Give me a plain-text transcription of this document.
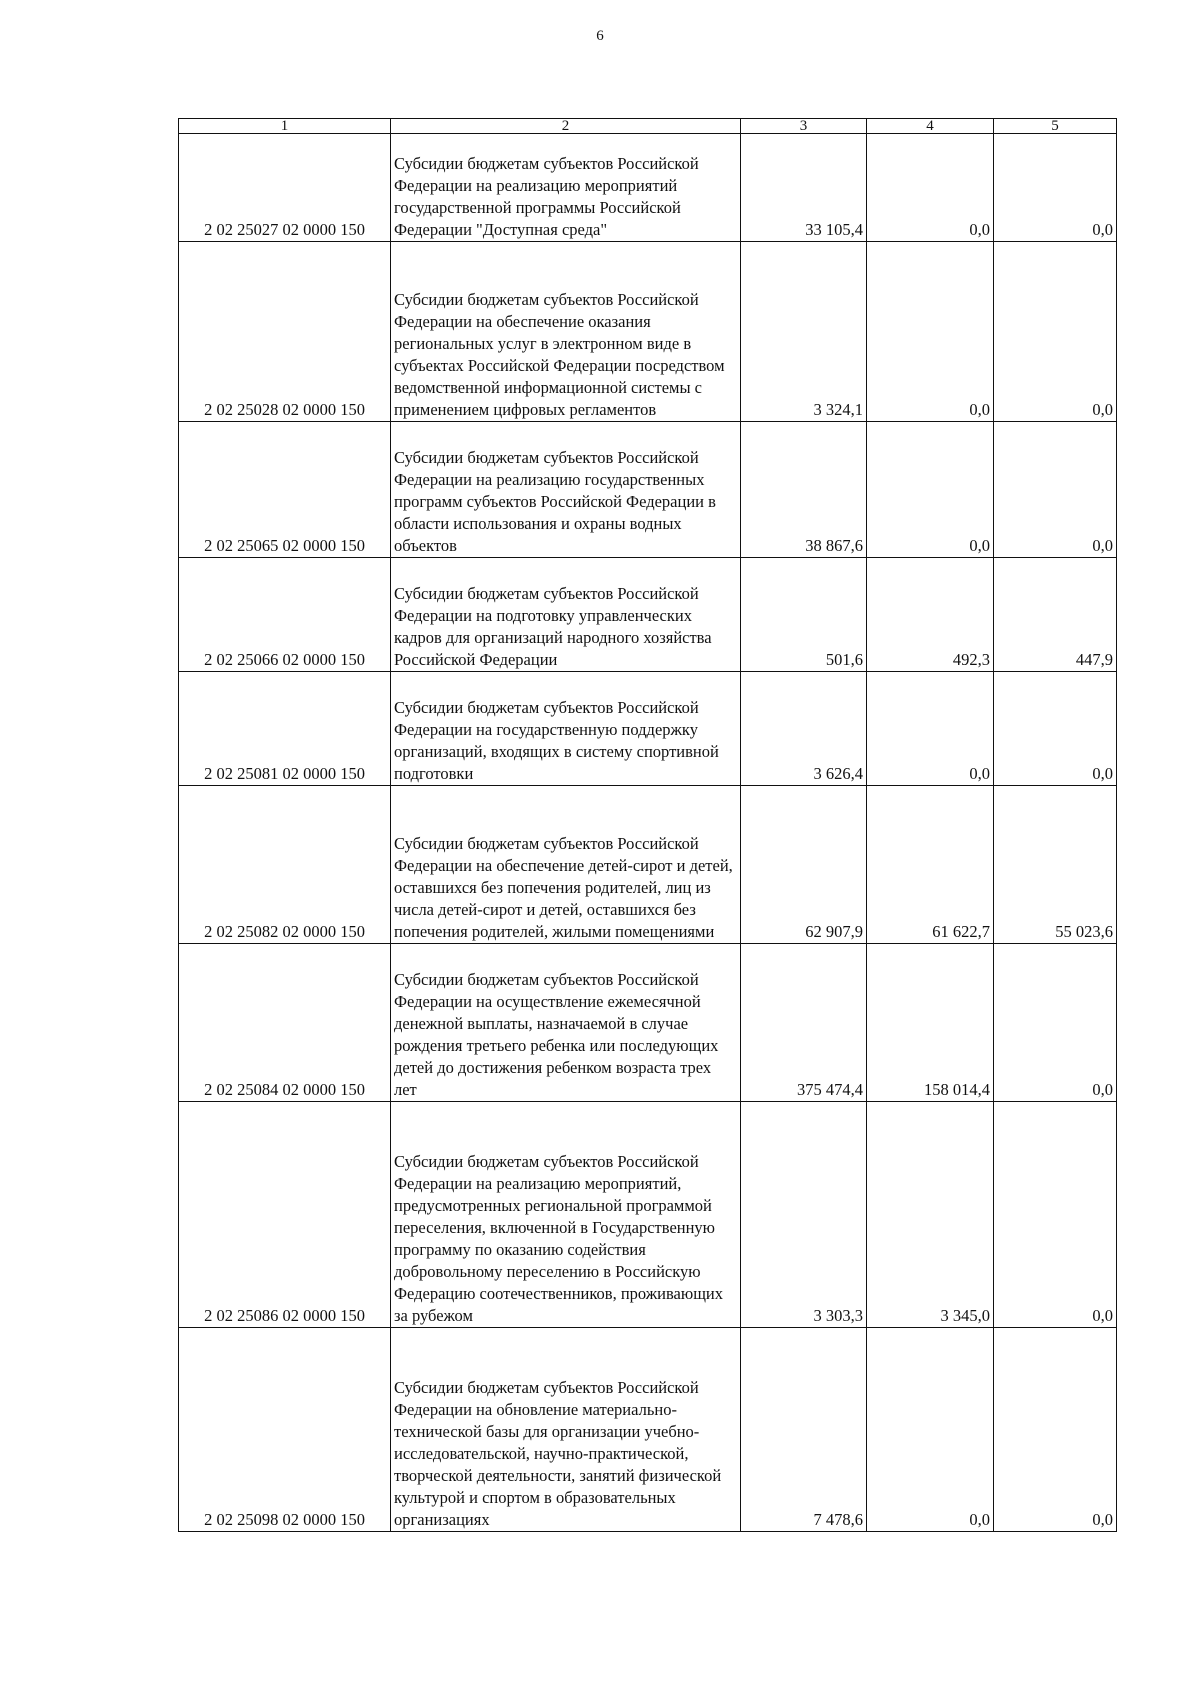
6
1	2	3	4	5
2 02 25027 02 0000 150	Субсидии бюджетам субъектов Российской Федерации на реализацию мероприятий государственной программы Российской Федерации "Доступная среда"	33 105,4	0,0	0,0
2 02 25028 02 0000 150	Субсидии бюджетам субъектов Российской Федерации на обеспечение оказания региональных услуг в электронном виде в субъектах Российской Федерации посредством ведомственной информационной системы с применением цифровых регламентов	3 324,1	0,0	0,0
2 02 25065 02 0000 150	Субсидии бюджетам субъектов Российской Федерации на реализацию государственных программ субъектов Российской Федерации в области использования и охраны водных объектов	38 867,6	0,0	0,0
2 02 25066 02 0000 150	Субсидии бюджетам субъектов Российской Федерации на подготовку управленческих кадров для организаций народного хозяйства Российской Федерации	501,6	492,3	447,9
2 02 25081 02 0000 150	Субсидии бюджетам субъектов Российской Федерации на государственную поддержку организаций, входящих в систему спортивной подготовки	3 626,4	0,0	0,0
2 02 25082 02 0000 150	Субсидии бюджетам субъектов Российской Федерации на обеспечение детей-сирот и детей, оставшихся без попечения родителей, лиц из числа детей-сирот и детей, оставшихся без попечения родителей, жилыми помещениями	62 907,9	61 622,7	55 023,6
2 02 25084 02 0000 150	Субсидии бюджетам субъектов Российской Федерации на осуществление ежемесячной денежной выплаты, назначаемой в случае рождения третьего ребенка или последующих детей до достижения ребенком возраста трех лет	375 474,4	158 014,4	0,0
2 02 25086 02 0000 150	Субсидии бюджетам субъектов Российской Федерации на реализацию мероприятий, предусмотренных региональной программой переселения, включенной в Государственную программу по оказанию содействия добровольному переселению в Российскую Федерацию соотечественников, проживающих за рубежом	3 303,3	3 345,0	0,0
2 02 25098 02 0000 150	Субсидии бюджетам субъектов Российской Федерации на обновление материально-технической базы для организации учебно-исследовательской, научно-практической, творческой деятельности, занятий физической культурой и спортом в образовательных организациях	7 478,6	0,0	0,0
